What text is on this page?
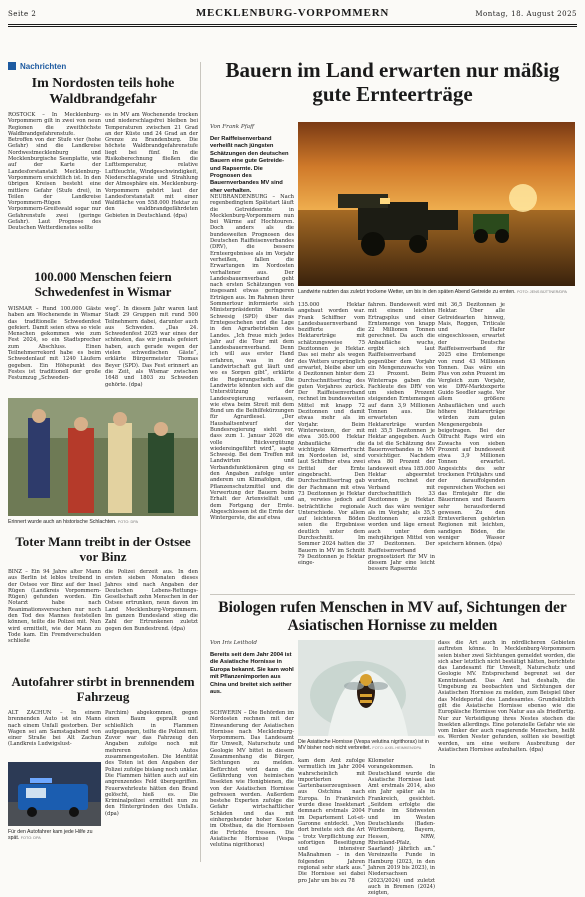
Seite 2	MECKLENBURG-VORPOMMERN	Montag, 18. August 2025
Nachrichten
Im Nordosten teils hohe Waldbrandgefahr
ROSTOCK – In Mecklenburg-Vorpommern gilt in zwei von neun Regionen die zweithöchste Waldbrandgefahrenstufe. Betroffen von der Stufe vier (hohe Gefahr) sind die Landkreise Nordwestmecklenburg und Mecklenburgische Seenplatte, wie auf der Karte der Landesforstanstalt Mecklenburg-Vorpommern ersichtlich ist. In den übrigen Kreisen besteht eine mittlere Gefahr (Stufe drei), in Teilen der Landkreise Vorpommern-Rügen und Vorpommern-Greifswald sogar nur Gefahrenstufe zwei (geringe Gefahr). Laut Prognose des Deutschen Wetterdienstes sollte
es in MV am Wochenende trocken und niederschlagsfrei bleiben bei Temperaturen zwischen 21 Grad an der Küste und 24 Grad an der Grenze zu Brandenburg. Die höchste Waldbrandgefahrenstufe liegt bei fünf. In die Risikoberechnung fließen die Lufttemperatur, relative Luftfeuchte, Windgeschwindigkeit, Niederschlagsrate und Strahlung der Atmosphäre ein. Mecklenburg-Vorpommern gehört laut der Landesforstanstalt mit einer Waldfläche von 558.000 Hektar zu den waldbrandgefährdeten Gebieten in Deutschland. (dpa)
100.000 Menschen feiern Schwedenfest in Wismar
WISMAR – Rund 100.000 Gäste haben am Wochenende in Wismar das traditionelle Schwedenfest gefeiert. Damit seien etwa so viele Menschen gekommen wie zum Fest 2024, so ein Stadtsprecher zum Abschluss. Einen Teilnehmerrekord habe es beim Schwedenlauf mit 1240 Läufern gegeben. Ein Höhepunkt des Festes ist traditionell der große Festumzug „Schweden-
weg“. In diesem Jahr waren laut Stadt 29 Gruppen mit rund 500 Teilnehmern dabei, darunter auch aus Schweden. „Das 24. Schwedenfest 2025 war eines der schönsten, das wir jemals gefeiert haben, auch gerade wegen der vielen schwedischen Gäste“, erklärte Bürgermeister Thomas Beyer (SPD). Das Fest erinnert an die Zeit, als Wismar zwischen 1648 und 1803 zu Schweden gehörte. (dpa)
Erinnert wurde auch an historische Schlachten. FOTO: DPA
Toter Mann treibt in der Ostsee vor Binz
BINZ – Ein 94 Jahre alter Mann aus Berlin ist leblos treibend in der Ostsee vor Binz auf der Insel Rügen (Landkreis Vorpommern-Rügen) gefunden worden. Ein Notarzt habe nach Reanimationsversuchen nur noch den Tod des Mannes feststellen können, teilte die Polizei mit. Nun wird ermittelt, wie der Mann zu Tode kam. Ein Fremdverschulden schließe
die Polizei derzeit aus. In den ersten sieben Monaten dieses Jahres sind nach Angaben der Deutschen Lebens-Rettungs-Gesellschaft zehn Menschen in der Ostsee ertrunken, neun davon im Land Mecklenburg-Vorpommern. Im ganzen Bundesland stieg die Zahl der Ertrunkenen zuletzt gegen den Bundestrend. (dpa)
Autofahrer stirbt in brennendem Fahrzeug
ALT ZACHUN – In einem brennenden Auto ist ein Mann nach einem Unfall gestorben. Der Wagen sei am Samstagabend von einer Straße bei Alt Zachun (Landkreis Ludwigslust-
Parchim) abgekommen, gegen einen Baum geprallt und schließlich in Flammen aufgegangen, teilte die Polizei mit. Zuvor war das Fahrzeug den Angaben zufolge noch mit mehreren Autos zusammengestoßen. Die Identität des Toten ist den Angaben der Polizei zufolge bislang noch unklar. Die Flammen hätten auch auf ein angrenzendes Feld übergegriffen. Feuerwehrleute hätten den Brand gelöscht, hieß es. Die Kriminalpolizei ermittelt nun zu den Hintergründen des Unfalls. (dpa)
Für den Autofahrer kam jede Hilfe zu spät. FOTO: DPA
Bauern im Land erwarten nur mäßig gute Ernteerträge
Von Frank Pfaff
Der Raiffeisenverband verheißt nach jüngsten Schätzungen den deutschen Bauern eine gute Getreide- und Rapsernte. Die Prognosen des Bauernverbandes MV sind eher verhalten.
NEUBRANDENBURG – Nach regenbedingtem Spätstart läuft die Getreideernte in Mecklenburg-Vorpommern nun bei Wärme auf Hochtouren. Doch anders als die bundesweiten Prognosen des Deutschen Raiffeisenverbandes (DRV), die bessere Ernteergebnisse als im Vorjahr verheißen, fallen die Erwartungen im Nordosten verhaltener aus. Der Landesbauernverband geht nach ersten Schätzungen von insgesamt etwas geringeren Erträgen aus. Im Rahmen ihrer Sommertour informierte sich Ministerpräsidentin Manuela Schwesig (SPD) über das Erntegeschehen und die Lage in den Agrarbetrieben des Landes. „Ich freue mich jedes Jahr auf die Tour mit dem Landesbauernverband. Denn ich will aus erster Hand erfahren, was in der Landwirtschaft gut läuft und wo es Sorgen gibt“, erklärte die Regierungschefin. Die Landwirte könnten sich auf die Unterstützung der Landesregierung verlassen, wie etwa beim Streit mit dem Bund um die Beihilfekürzungen für Agrardiesel. „Der Haushaltsentwurf der Bundesregierung sieht vor, dass zum 1. Januar 2026 die volle Rückvergütung wiedereingeführt wird“, sagte Schwesig. Bei dem Treffen mit Landwirten und Verbandsfunktionären ging es den Angaben zufolge unter anderem um Klimafolgen, die Pflanzenschutzmittel und die Verwertung der Bauern beim Erhalt der Artenvielfalt und dem Fortgang der Ernte. Abgeschlossen ist die Ernte der Wintergerste, die auf etwa
Landwirte nutzten das zuletzt trockene Wetter, um bis in den späten Abend Getreide zu ernten. FOTO: JENS BÜTTNER/DPA
135.000 Hektar angebaut worden war. Frank Schiffner vom Landesbauernverband bezifferte die Hektarerträge mit schätzungsweise 75 Dezitonnen je Hektar. Das sei mehr als wegen des Wetters ursprünglich erwartet, bleibe aber um 4 Dezitonnen hinter dem Durchschnittsertrag des guten Vorjahres zurück. Der Raiffeisenverband rechnet im bundesweiten Mittel mit knapp 72 Dezitonnen und damit etwas mehr als im Vorjahr. Beim Winterweizen, der mit etwa 305.000 Hektar Anbaufläche die wichtigste Körnerfrucht im Nordosten ist, sind laut Schiffner etwa zwei Drittel der Ernte eingebracht. Den Durchschnittsertrag gab der Fachmann mit etwa 73 Dezitonnen je Hektar an, verwies jedoch auf beträchtliche regionale Unterschiede. Vor allem auf leichteren Böden seien die Ergebnisse deutlich unter dem Durchschnitt. Im Sommer 2024 hatten die Bauern in MV im Schnitt 79 Dezitonnen je Hektar einge-
fahren. Bundesweit wird mit einem leichten Ertragsplus und einer Erntemenge von knapp 22 Millionen Tonnen gerechnet. Da auch die Anbaufläche wuchs, ergibt sich laut Raiffeisenverband gegenüber dem Vorjahr ein Mengenzuwachs von 23 Prozent. Beim Winterraps gaben die Fachleute des DRV von um sieben Prozent steigenden Erntemengen auf dann 3,9 Millionen Tonnen aus. Die erwarteten Hektarerträge wurden mit 35,5 Dezitonnen je Hektar angegeben. Auch da ist die Schätzung des Bauernverbandes in MV vorsichtiger. Nachdem etwa 80 Prozent der landesweit etwa 185.000 Hektar abgeerntet wurden, rechnet der Verband mit durchschnittlich 33 Dezitonnen je Hektar. Auch das wäre weniger als im Vorjahr, als 35,5 Dezitonnen erzielt worden und läge erneut auch unter dem mehrjährigen Mittel von 37 Dezitonnen. Der Raiffeisenverband prognostiziert für MV in diesem Jahr eine leicht bessere Rapsernte
mit 36,5 Dezitonnen je Hektar. Über alle Getreidearten hinweg, Mais, Roggen, Triticale und Hafer eingeschlossen, erwartet der Deutsche Raiffeisenverband für 2025 eine Erntemenge von rund 43 Millionen Tonnen. Das wäre ein Plus von zehn Prozent im Vergleich zum Vorjahr, wie DRV-Marktexperte Guido Seedler sagte. Vor allem größere Anbauflächen und auch höhere Hektarerträge würden zum guten Mengenergebnis beigetragen. Bei der Ölfrucht Raps wird ein Zuwachs von sieben Prozent auf bundesweit etwa 3,9 Millionen Tonnen erwartet. Angesichts des sehr trockenen Frühjahrs und der darauffolgenden regenreichen Wochen sei das Erntejahr für die Bäuerinnen und Bauern sehr herausfordernd gewesen. Zu den Ernteverlieren gehörten Regionen mit leichten, sandigen Böden, die weniger Wasser speichern können. (dpa)
Biologen rufen Menschen in MV auf, Sichtungen der Asiatischen Hornisse zu melden
Von Iris Leithold
Bereits seit dem Jahr 2004 ist die Asiatische Hornisse in Europa bekannt. Sie kam wohl mit Pflanzenimporten aus China und breitet sich seither aus.
SCHWERIN – Die Behörden im Nordosten rechnen mit der Einwanderung der Asiatischen Hornisse nach Mecklenburg-Vorpommern. Das Landesamt für Umwelt, Naturschutz und Geologie MV bittet in diesem Zusammenhang die Bürger, Sichtungen zu melden. Befürchtet wird dann die Gefährdung von heimischen Insekten wie Honigbienen, die von der Asiatischen Hornisse gefressen werden. Außerdem bestehe Experten zufolge die Gefahr wirtschaftlicher Schäden und das mit einhergehender hoher Kosten im Obstbau, da die Hornissen die Früchte fressen. Die Asiatische Hornisse (Vespa velutina nigrithorax)
Die Asiatische Hornisse (Vespa velutina nigrithorax) ist in MV bisher noch nicht verbreitet. FOTO: AXEL HEIMKEN/DPA
kam dem Amt zufolge vermutlich im Jahr 2004 wahrscheinlich mit importierten Gartenbauerzeugnissen aus Ostchina nach Europa. In Frankreich wurde diese Insektenart demnach erstmals 2004 im Departement Lot-et-Garonne entdeckt. „Von dort breitete sich die Art – trotz Verpflichtung zur sofortigen Beseitigung und intensiver Maßnahmen – in den folgenden Jahren regional sehr stark aus.“ Die Hornisse sei dabei pro Jahr um bis zu 78
Kilometer vorangekommen. In Deutschland wurde die Asiatische Hornisse laut Amt erstmals 2014, also ein Jahr später als in Frankreich, gesichtet. „Seitdem erfolgte die Funde im Südwesten und im Westen Deutschlands (Baden-Württemberg, Bayern, Hessen, NRW, Rheinland-Pfalz, Saarland) jährlich an.“ Vereinzelte Funde in Hamburg (2023, in den Jahren 2019 bis 2023), in Niedersachsen (2023/2024) und zuletzt auch in Bremen (2024) zeigten,
dass die Art auch in nördlicheren Gebieten auftreten könne. In Mecklenburg-Vorpommern seien bisher zwei Sichtungen gemeldet worden, die sich aber letztlich nicht bestätigt hätten, berichtete das Landesamt für Umwelt, Naturschutz und Geologie MV. Entsprechend begrenzt sei der Kenntnisstand. Das Amt hat deshalb, die Umgebung zu beobachten und Sichtungen der Asiatischen Hornisse zu melden, zum Beispiel über das Meldeportal des Landesamtes. Grundsätzlich gilt die Asiatische Hornisse ebenso wie die Europäische Hornisse von Natur aus als friedfertig. Nur zur Verteidigung ihres Nestes stechen die Insekten allerdings. Eine potenzielle Gefahr wie sie vom Imker der auch reagierende Menschen, heißt es. Werden Nester gefunden, sollten sie beseitigt werden, um eine weitere Ausbreitung der Asiatischen Hornisse aufzuhalten. (dpa)
